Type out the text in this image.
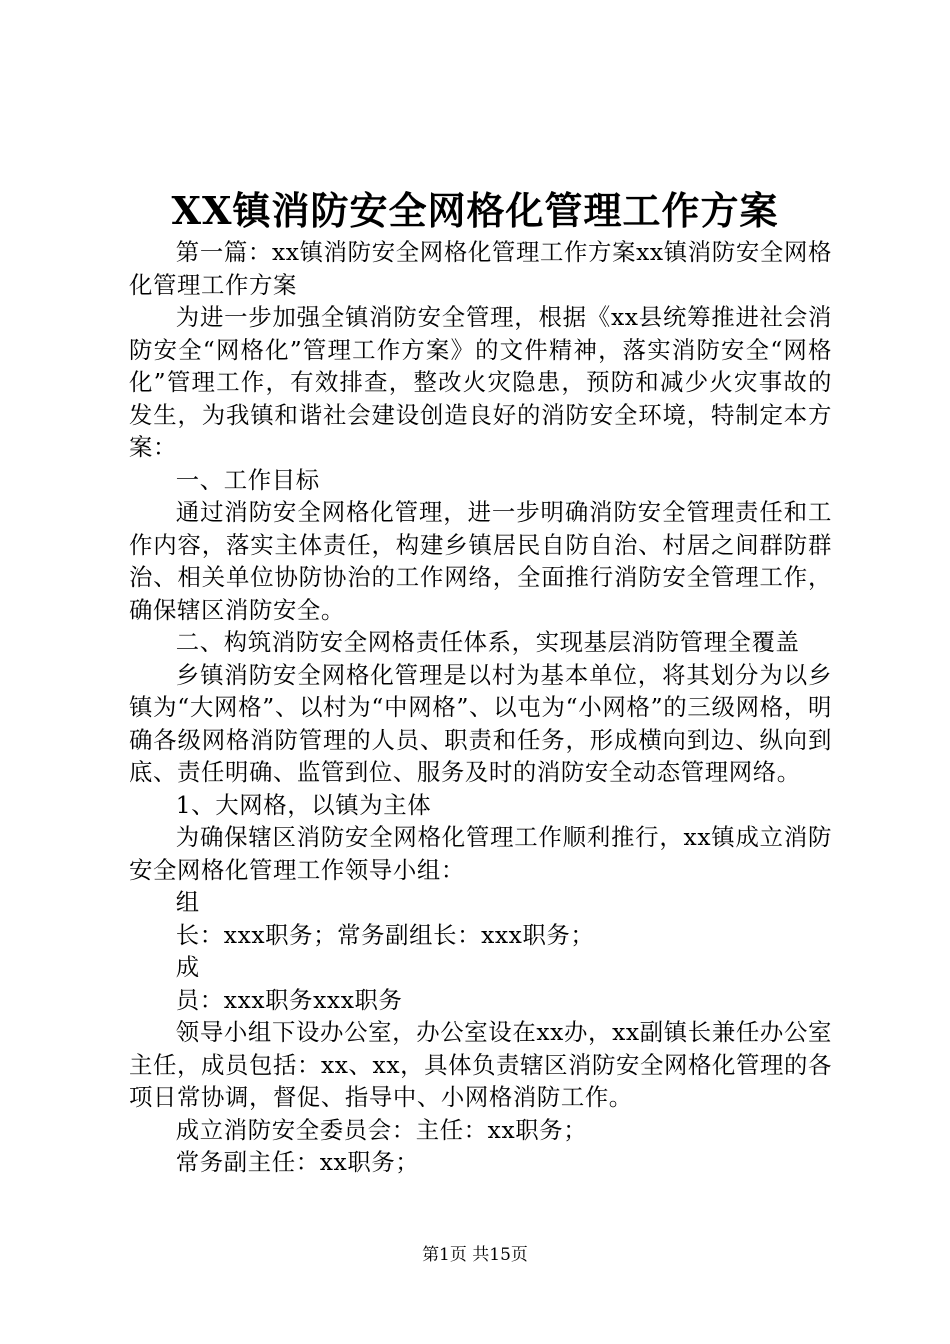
XX镇消防安全网格化管理工作方案

第一篇：xx镇消防安全网格化管理工作方案xx镇消防安全网格化管理工作方案

为进一步加强全镇消防安全管理，根据《xx县统筹推进社会消防安全“网格化”管理工作方案》的文件精神，落实消防安全“网格化”管理工作，有效排查，整改火灾隐患，预防和减少火灾事故的发生，为我镇和谐社会建设创造良好的消防安全环境，特制定本方案：

一、工作目标

通过消防安全网格化管理，进一步明确消防安全管理责任和工作内容，落实主体责任，构建乡镇居民自防自治、村居之间群防群治、相关单位协防协治的工作网络，全面推行消防安全管理工作，确保辖区消防安全。

二、构筑消防安全网格责任体系，实现基层消防管理全覆盖

乡镇消防安全网格化管理是以村为基本单位，将其划分为以乡镇为“大网格”、以村为“中网格”、以屯为“小网格”的三级网格，明确各级网格消防管理的人员、职责和任务，形成横向到边、纵向到底、责任明确、监管到位、服务及时的消防安全动态管理网络。

1、大网格，以镇为主体

为确保辖区消防安全网格化管理工作顺利推行，xx镇成立消防安全网格化管理工作领导小组：

组

长：xxx职务；常务副组长：xxx职务；

成

员：xxx职务xxx职务

领导小组下设办公室，办公室设在xx办，xx副镇长兼任办公室主任，成员包括：xx、xx，具体负责辖区消防安全网格化管理的各项日常协调，督促、指导中、小网格消防工作。

成立消防安全委员会：主任：xx职务；

常务副主任：xx职务；

第1页 共15页
